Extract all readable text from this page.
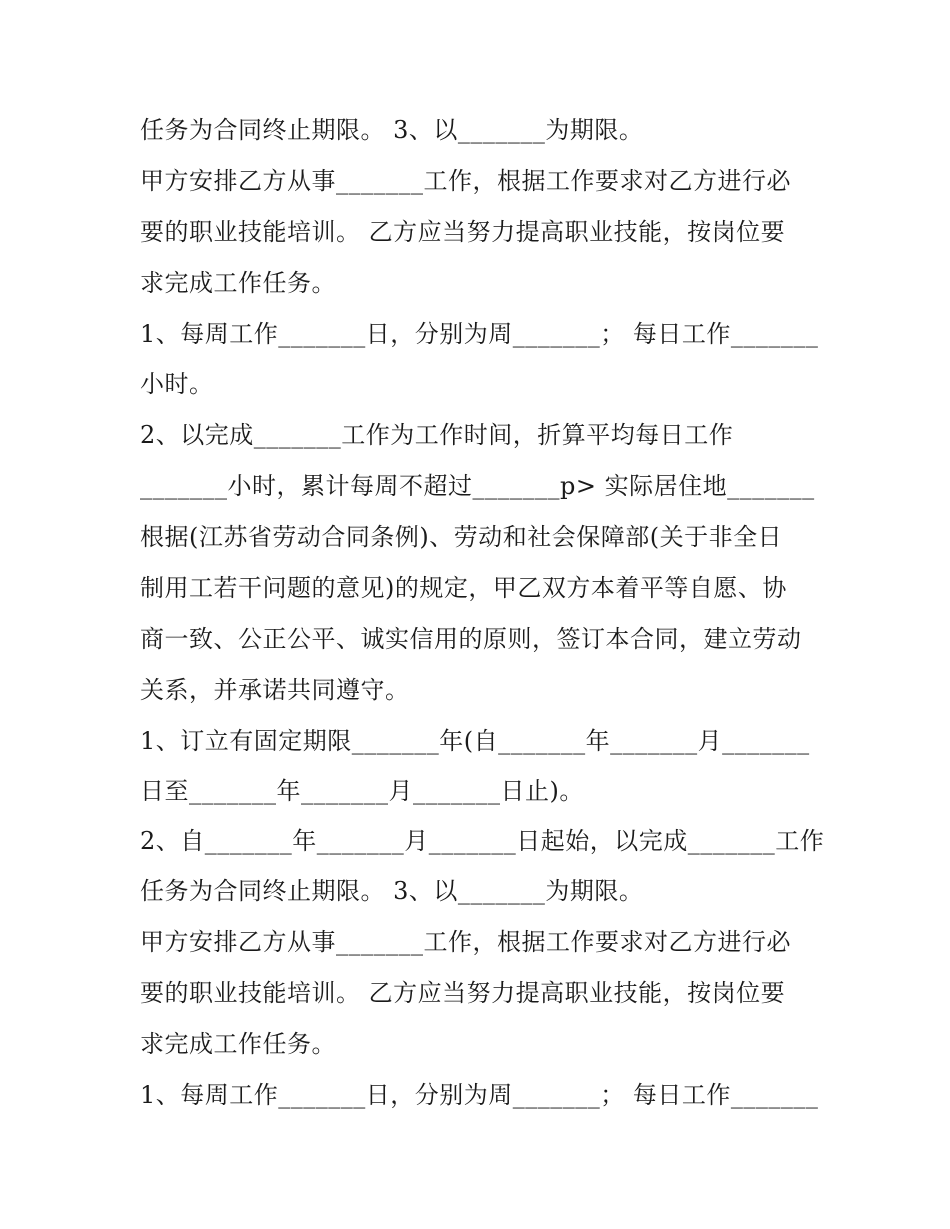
任务为合同终止期限。 3、以_______为期限。
甲方安排乙方从事_______工作，根据工作要求对乙方进行必
要的职业技能培训。 乙方应当努力提高职业技能，按岗位要
求完成工作任务。
1、每周工作_______日，分别为周_______； 每日工作_______
小时。
2、以完成_______工作为工作时间，折算平均每日工作
_______小时，累计每周不超过_______p> 实际居住地_______
根据(江苏省劳动合同条例)、劳动和社会保障部(关于非全日
制用工若干问题的意见)的规定，甲乙双方本着平等自愿、协
商一致、公正公平、诚实信用的原则，签订本合同，建立劳动
关系，并承诺共同遵守。
1、订立有固定期限_______年(自_______年_______月_______
日至_______年_______月_______日止)。
2、自_______年_______月_______日起始，以完成_______工作
任务为合同终止期限。 3、以_______为期限。
甲方安排乙方从事_______工作，根据工作要求对乙方进行必
要的职业技能培训。 乙方应当努力提高职业技能，按岗位要
求完成工作任务。
1、每周工作_______日，分别为周_______； 每日工作_______
